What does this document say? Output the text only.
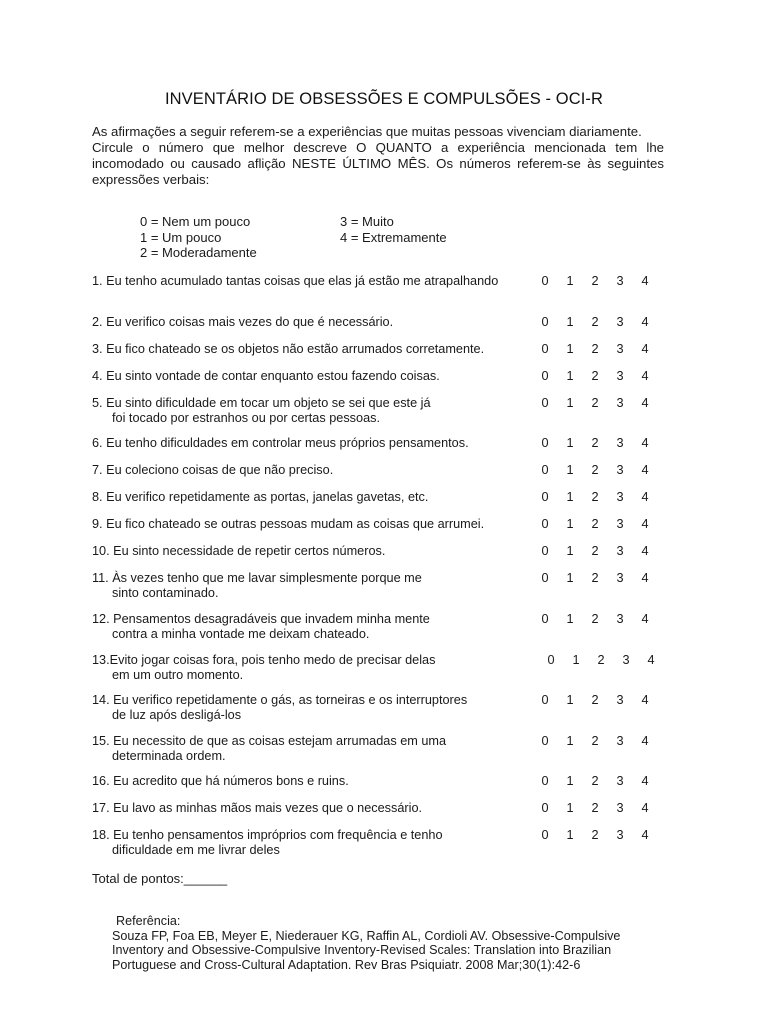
INVENTÁRIO DE OBSESSÕES E COMPULSÕES - OCI-R

As afirmações a seguir referem-se a experiências que muitas pessoas vivenciam diariamente.

Circule o número que melhor descreve O QUANTO a experiência mencionada tem lhe incomodado ou causado aflição NESTE ÚLTIMO MÊS. Os números referem-se às seguintes expressões verbais:

0 = Nem um pouco
1 = Um pouco
2 = Moderadamente
3 = Muito
4 = Extremamente
1. Eu tenho acumulado tantas coisas que elas já estão me atrapalhando	0 1 2 3 4
2. Eu verifico coisas mais vezes do que é necessário.	0 1 2 3 4
3. Eu fico chateado se os objetos não estão arrumados corretamente.	0 1 2 3 4
4. Eu sinto vontade de contar enquanto estou fazendo coisas.	0 1 2 3 4
5. Eu sinto dificuldade em tocar um objeto se sei que este já
foi tocado por estranhos ou por certas pessoas.
0 1 2 3 4
6. Eu tenho dificuldades em controlar meus próprios pensamentos.	0 1 2 3 4
7. Eu coleciono coisas de que não preciso.	0 1 2 3 4
8. Eu verifico repetidamente as portas, janelas gavetas, etc.	0 1 2 3 4
9. Eu fico chateado se outras pessoas mudam as coisas que arrumei.	0 1 2 3 4
10. Eu sinto necessidade de repetir certos números.	0 1 2 3 4
11. Às vezes tenho que me lavar simplesmente porque me
sinto contaminado.
0 1 2 3 4
12. Pensamentos desagradáveis que invadem minha mente
contra a minha vontade me deixam chateado.
0 1 2 3 4
13.Evito jogar coisas fora, pois tenho medo de precisar delas
em um outro momento.
0 1 2 3 4
14. Eu verifico repetidamente o gás, as torneiras e os interruptores
de luz após desligá-los
0 1 2 3 4
15. Eu necessito de que as coisas estejam arrumadas em uma
determinada ordem.
0 1 2 3 4
16. Eu acredito que há números bons e ruins.	0 1 2 3 4
17. Eu lavo as minhas mãos mais vezes que o necessário.	0 1 2 3 4
18. Eu tenho pensamentos impróprios com frequência e tenho
dificuldade em me livrar deles
0 1 2 3 4
Total de pontos:______
Referência:
Souza FP, Foa EB, Meyer E, Niederauer KG, Raffin AL, Cordioli AV. Obsessive-Compulsive Inventory and Obsessive-Compulsive Inventory-Revised Scales: Translation into Brazilian Portuguese and Cross-Cultural Adaptation. Rev Bras Psiquiatr. 2008 Mar;30(1):42-6
